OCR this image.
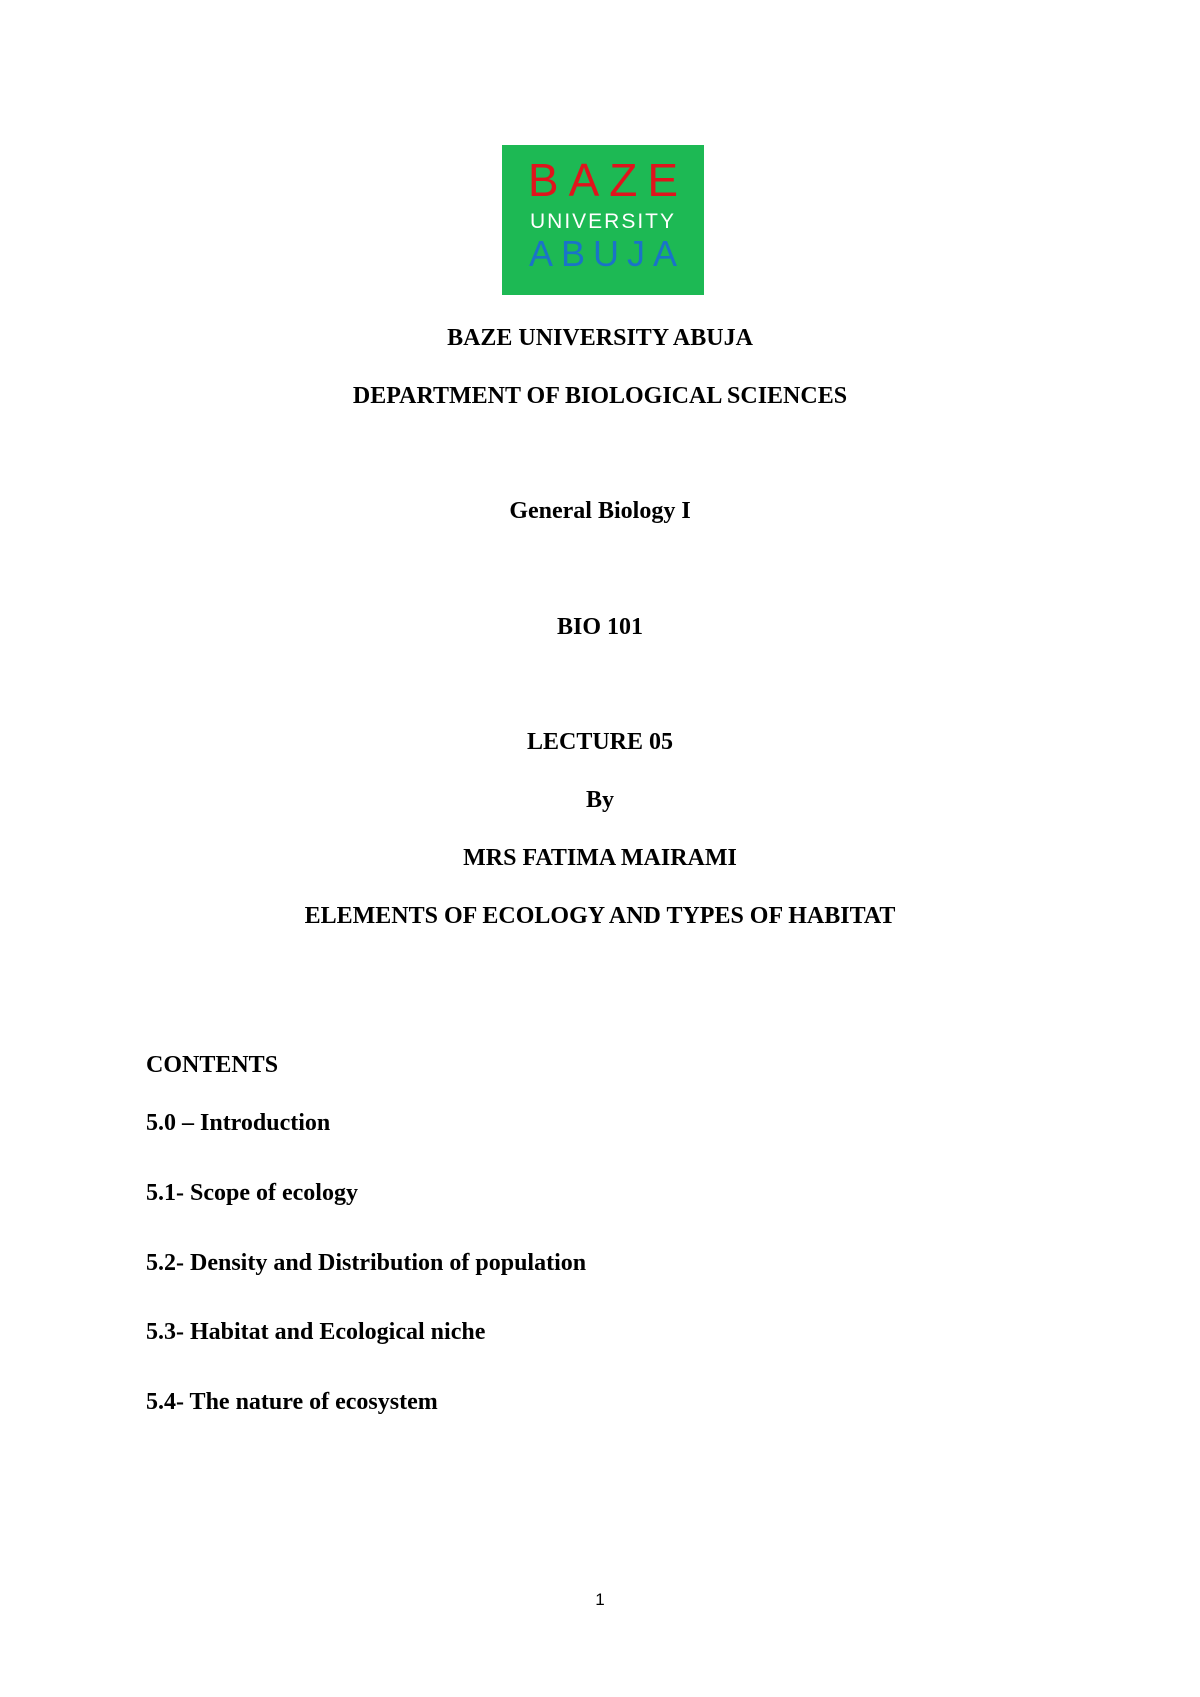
BAZE
UNIVERSITY
ABUJA
BAZE UNIVERSITY ABUJA
DEPARTMENT OF BIOLOGICAL SCIENCES
General Biology I
BIO 101
LECTURE 05
By
MRS FATIMA MAIRAMI
ELEMENTS OF ECOLOGY AND TYPES OF HABITAT
CONTENTS
5.0 – Introduction
5.1- Scope of ecology
5.2- Density and Distribution of population
5.3- Habitat and Ecological niche
5.4- The nature of ecosystem
1
